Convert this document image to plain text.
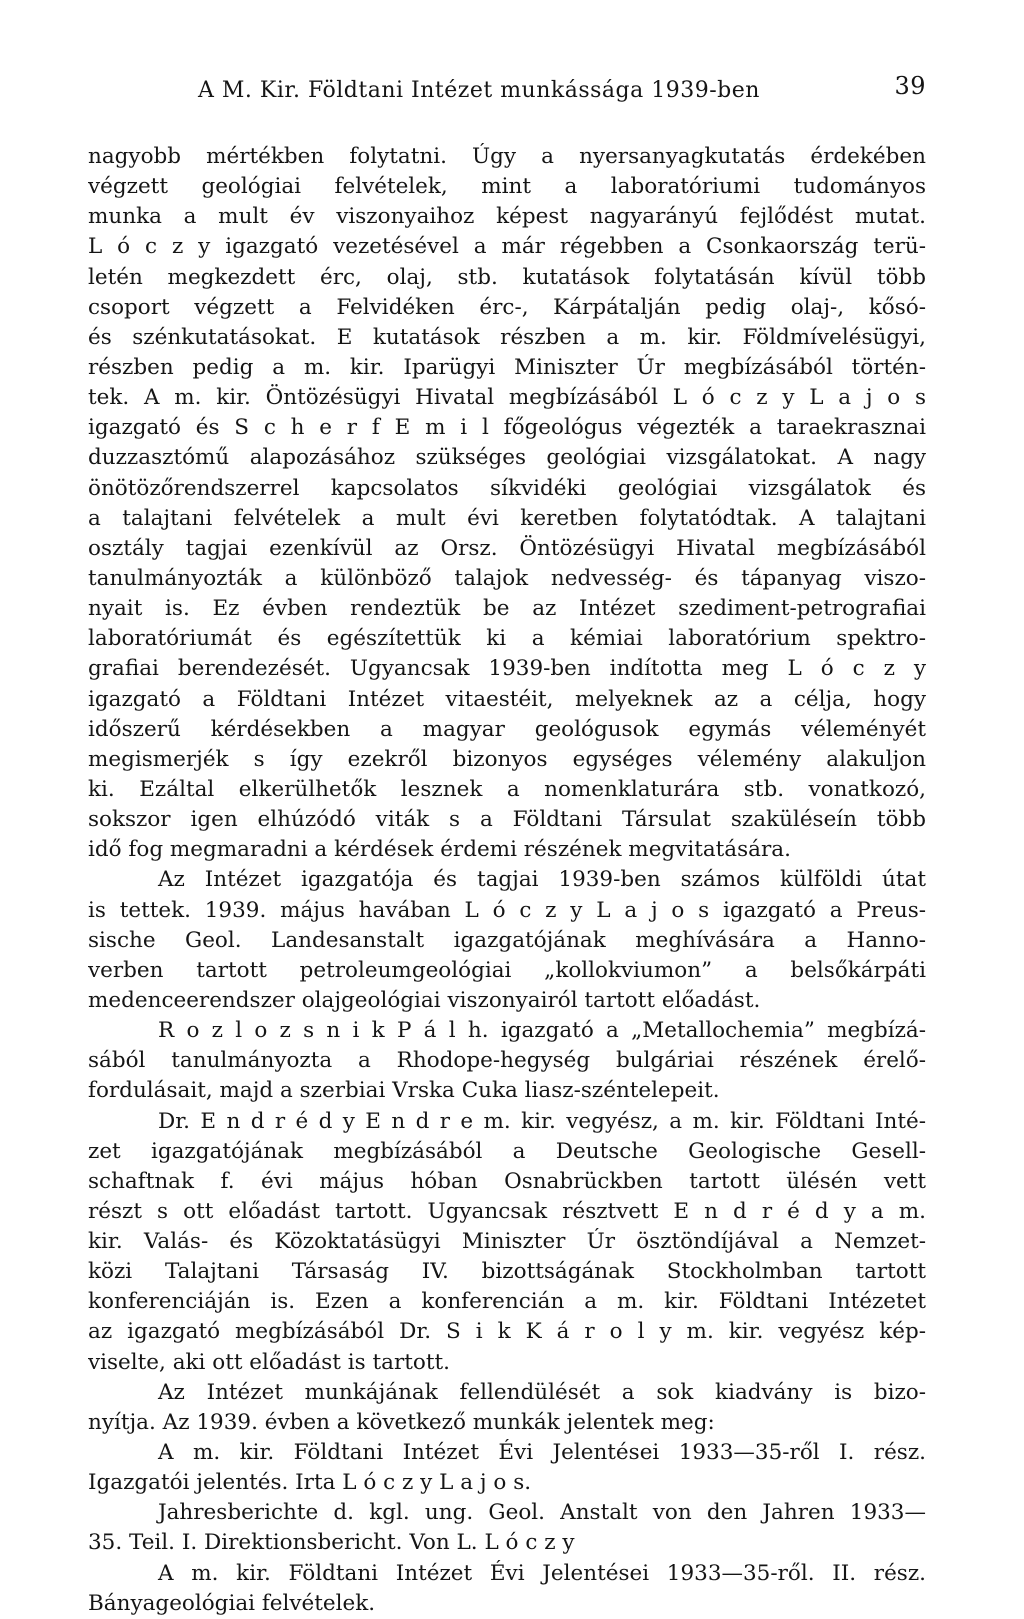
A M. Kir. Földtani Intézet munkássága 1939-ben	39
nagyobb mértékben folytatni. Úgy a nyersanyagkutatás érdekében
végzett geológiai felvételek, mint a laboratóriumi tudományos
munka a mult év viszonyaihoz képest nagyarányú fejlődést mutat.
L ó c z y igazgató vezetésével a már régebben a Csonkaország terü-
letén megkezdett érc, olaj, stb. kutatások folytatásán kívül több
csoport végzett a Felvidéken érc-, Kárpátalján pedig olaj-, kősó-
és szénkutatásokat. E kutatások részben a m. kir. Földmívelésügyi,
részben pedig a m. kir. Iparügyi Miniszter Úr megbízásából történ-
tek. A m. kir. Öntözésügyi Hivatal megbízásából L ó c z y L a j o s
igazgató és S c h e r f E m i l főgeológus végezték a taraekrasznai
duzzasztómű alapozásához szükséges geológiai vizsgálatokat. A nagy
önötözőrendszerrel kapcsolatos síkvidéki geológiai vizsgálatok és
a talajtani felvételek a mult évi keretben folytatódtak. A talajtani
osztály tagjai ezenkívül az Orsz. Öntözésügyi Hivatal megbízásából
tanulmányozták a különböző talajok nedvesség- és tápanyag viszo-
nyait is. Ez évben rendeztük be az Intézet szediment-petrografiai
laboratóriumát és egészítettük ki a kémiai laboratórium spektro-
grafiai berendezését. Ugyancsak 1939-ben indította meg L ó c z y
igazgató a Földtani Intézet vitaestéit, melyeknek az a célja, hogy
időszerű kérdésekben a magyar geológusok egymás véleményét
megismerjék s így ezekről bizonyos egységes vélemény alakuljon
ki. Ezáltal elkerülhetők lesznek a nomenklaturára stb. vonatkozó,
sokszor igen elhúzódó viták s a Földtani Társulat szaküléseín több
idő fog megmaradni a kérdések érdemi részének megvitatására.
Az Intézet igazgatója és tagjai 1939-ben számos külföldi útat
is tettek. 1939. május havában L ó c z y L a j o s igazgató a Preus-
sische Geol. Landesanstalt igazgatójának meghívására a Hanno-
verben tartott petroleumgeológiai „kollokviumon” a belsőkárpáti
medenceerendszer olajgeológiai viszonyairól tartott előadást.
R o z l o z s n i k P á l h. igazgató a „Metallochemia” megbízá-
sából tanulmányozta a Rhodope-hegység bulgáriai részének érelő-
fordulásait, majd a szerbiai Vrska Cuka liasz-széntelepeit.
Dr. E n d r é d y E n d r e m. kir. vegyész, a m. kir. Földtani Inté-
zet igazgatójának megbízásából a Deutsche Geologische Gesell-
schaftnak f. évi május hóban Osnabrückben tartott ülésén vett
részt s ott előadást tartott. Ugyancsak résztvett E n d r é d y a m.
kir. Valás- és Közoktatásügyi Miniszter Úr ösztöndíjával a Nemzet-
közi Talajtani Társaság IV. bizottságának Stockholmban tartott
konferenciáján is. Ezen a konferencián a m. kir. Földtani Intézetet
az igazgató megbízásából Dr. S i k K á r o l y m. kir. vegyész kép-
viselte, aki ott előadást is tartott.
Az Intézet munkájának fellendülését a sok kiadvány is bizo-
nyítja. Az 1939. évben a következő munkák jelentek meg:
A m. kir. Földtani Intézet Évi Jelentései 1933—35-ről I. rész.
Igazgatói jelentés. Irta L ó c z y L a j o s.
Jahresberichte d. kgl. ung. Geol. Anstalt von den Jahren 1933—
35. Teil. I. Direktionsbericht. Von L. L ó c z y
A m. kir. Földtani Intézet Évi Jelentései 1933—35-ről. II. rész.
Bányageológiai felvételek.
